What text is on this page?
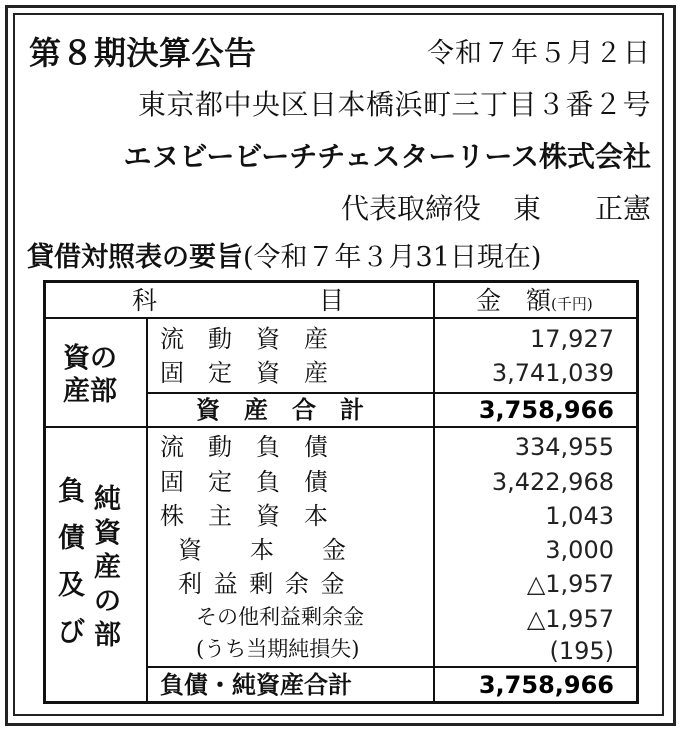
第８期決算公告	令和７年５月２日
東京都中央区日本橋浜町三丁目３番２号
エヌビービーチチェスターリース株式会社
代表取締役 東 正憲
貸借対照表の要旨(令和７年３月31日現在)
科	目	金　額(千円)
資の
産部
流　動　資　産	17,927
固　定　資　産	3,741,039
資　産　合　計	3,758,966
負債及び
純資産の部
流　動　負　債	334,955
固　定　負　債	3,422,968
株　主　資　本	1,043
資　　本　　金	3,000
利 益 剰 余 金	△1,957
その他利益剰余金	△1,957
(うち当期純損失)	(195)
負債・純資産合計	3,758,966
